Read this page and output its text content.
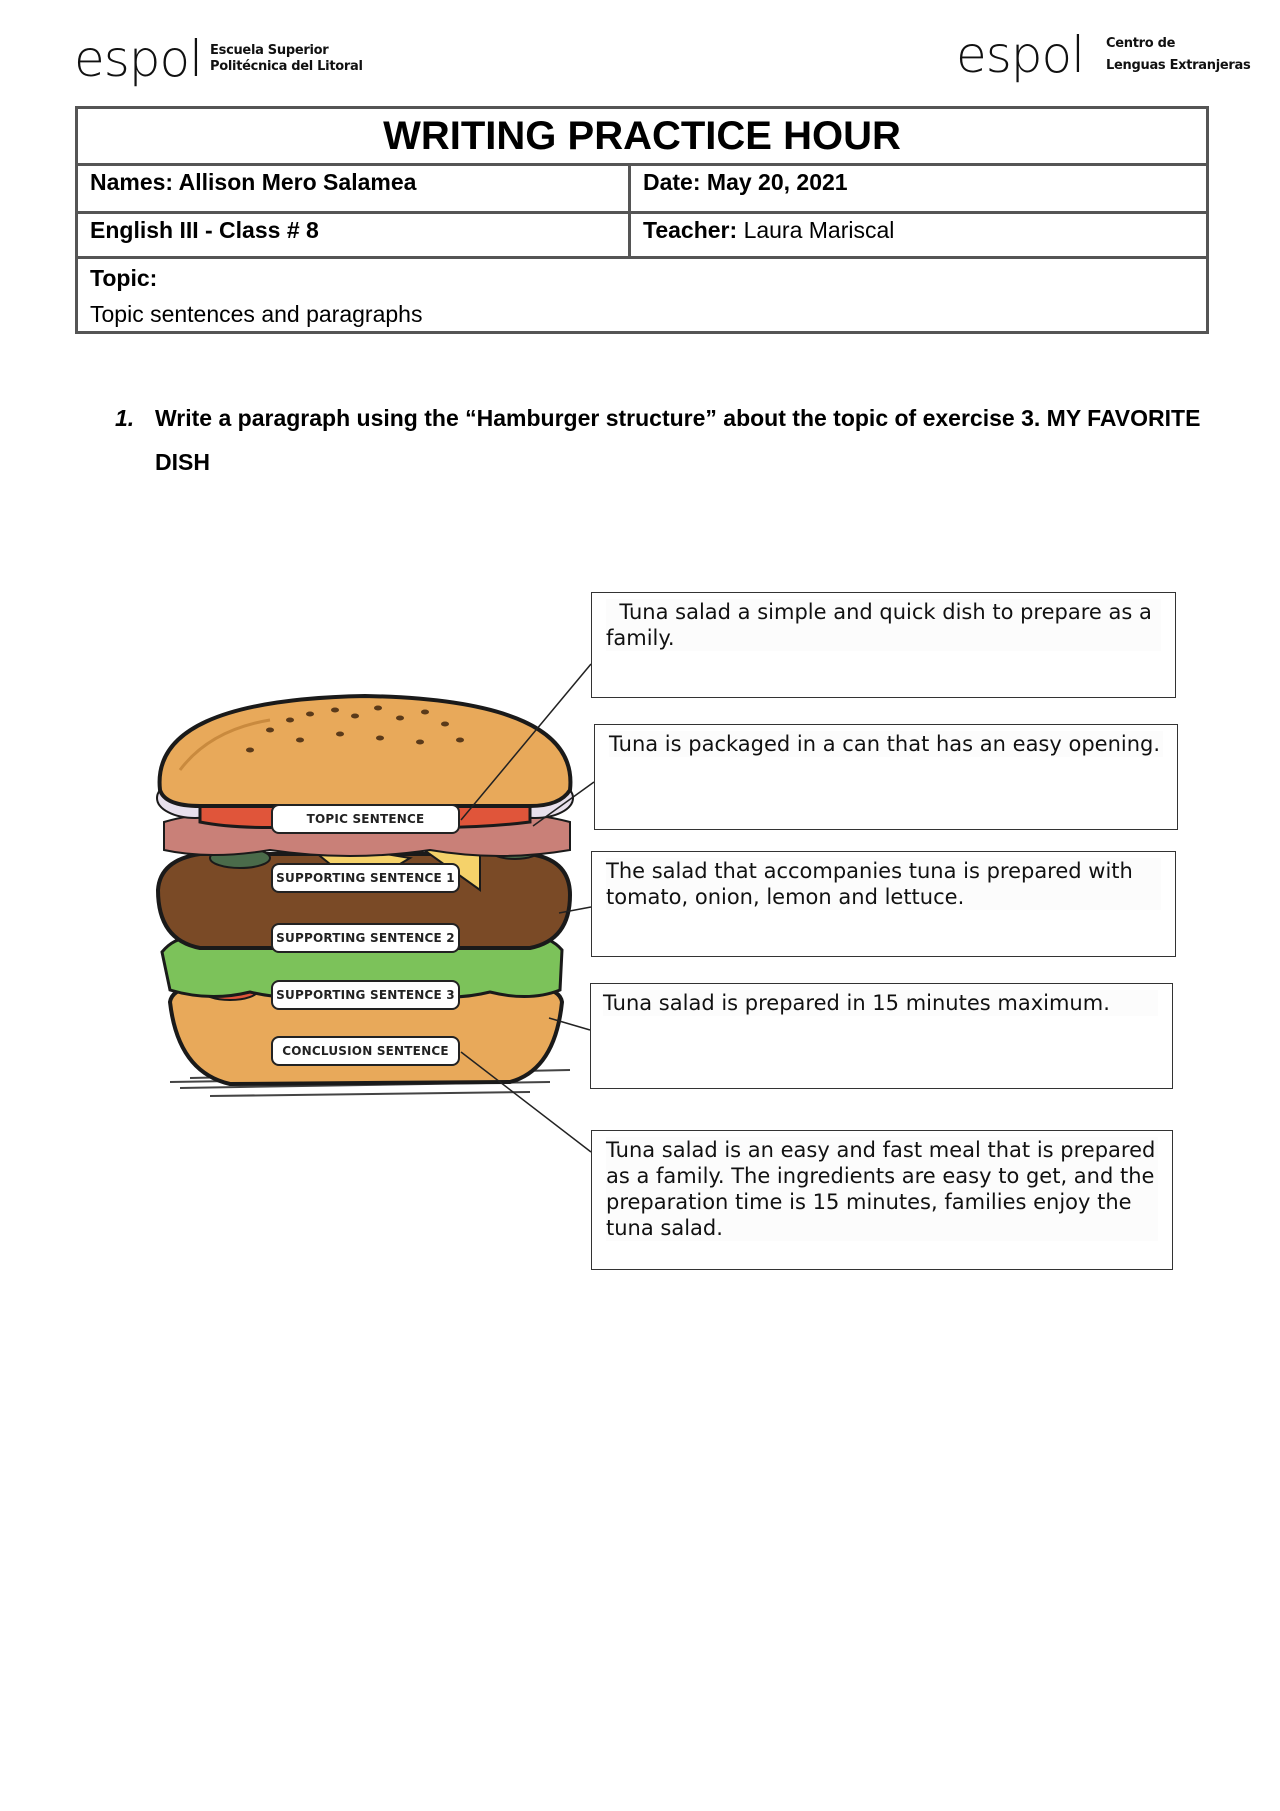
espol Escuela Superior
Politécnica del Litoral	espol Centro de
Lenguas Extranjeras
WRITING PRACTICE HOUR
Names: Allison Mero Salamea	Date: May 20, 2021
English III - Class # 8	Teacher: Laura Mariscal
Topic:
Topic sentences and paragraphs
1. Write a paragraph using the “Hamburger structure” about the topic of exercise 3. MY FAVORITE DISH
TOPIC SENTENCE
SUPPORTING SENTENCE 1
SUPPORTING SENTENCE 2
SUPPORTING SENTENCE 3
CONCLUSION SENTENCE
Tuna salad a simple and quick dish to prepare as a family.
Tuna is packaged in a can that has an easy opening.
The salad that accompanies tuna is prepared with tomato, onion, lemon and lettuce.
Tuna salad is prepared in 15 minutes maximum.
Tuna salad is an easy and fast meal that is prepared as a family. The ingredients are easy to get, and the preparation time is 15 minutes, families enjoy the tuna salad.
